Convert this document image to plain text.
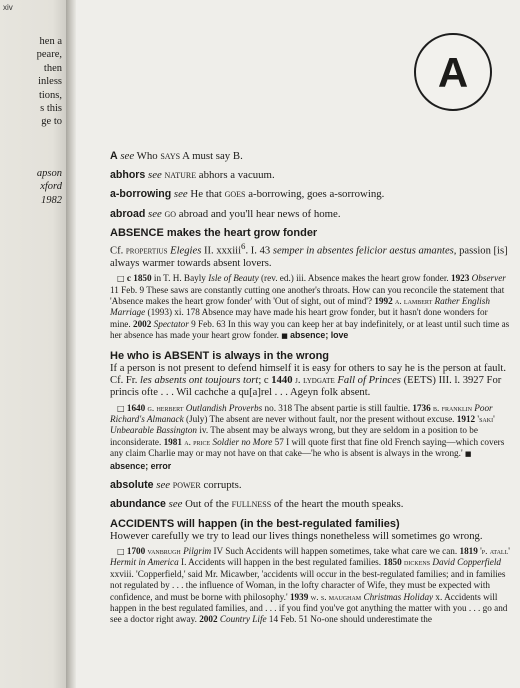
xiv
hen a
peare,
then
inless
tions,
s this
ge to
apson
xford
1982
A
A see Who says A must say B.
abhors see nature abhors a vacuum.
a-borrowing see He that goes a-borrowing, goes a-sorrowing.
abroad see go abroad and you'll hear news of home.
ABSENCE makes the heart grow fonder
Cf. propertius Elegies II. xxxiii$^6$. I. 43 semper in absentes felicior aestus amantes, passion [is] always warmer towards absent lovers.
□ c 1850 in T. H. Bayly Isle of Beauty (rev. ed.) iii. Absence makes the heart grow fonder. 1923 Observer 11 Feb. 9 These saws are constantly cutting one another's throats. How can you reconcile the statement that 'Absence makes the heart grow fonder' with 'Out of sight, out of mind'? 1992 a. lambert Rather English Marriage (1993) xi. 178 Absence may have made his heart grow fonder, but it hasn't done wonders for mine. 2002 Spectator 9 Feb. 63 In this way you can keep her at bay indefinitely, or at least until such time as her absence has made your heart grow fonder. ■ absence; love
He who is ABSENT is always in the wrong
If a person is not present to defend himself it is easy for others to say he is the person at fault. Cf. Fr. les absents ont toujours tort; c 1440 j. lydgate Fall of Princes (EETS) III. l. 3927 For princis ofte . . . Wil cachche a qu[a]rel . . . Ageyn folk absent.
□ 1640 g. herbert Outlandish Proverbs no. 318 The absent partie is still faultie. 1736 b. franklin Poor Richard's Almanack (July) The absent are never without fault, nor the present without excuse. 1912 'saki' Unbearable Bassington iv. The absent may be always wrong, but they are seldom in a position to be inconsiderate. 1981 a. price Soldier no More 57 I will quote first that fine old French saying—which covers any claim Charlie may or may not have on that cake—'he who is absent is always in the wrong.' ■ absence; error
absolute see power corrupts.
abundance see Out of the fullness of the heart the mouth speaks.
ACCIDENTS will happen (in the best-regulated families)
However carefully we try to lead our lives things nonetheless will sometimes go wrong.
□ 1700 vanbrugh Pilgrim IV Such Accidents will happen sometimes, take what care we can. 1819 'p. atall' Hermit in America I. Accidents will happen in the best regulated families. 1850 dickens David Copperfield xxviii. 'Copperfield,' said Mr. Micawber, 'accidents will occur in the best-regulated families; and in families not regulated by . . . the influence of Woman, in the lofty character of Wife, they must be expected with confidence, and must be borne with philosophy.' 1939 w. s. maugham Christmas Holiday x. Accidents will happen in the best regulated families, and . . . if you find you've got anything the matter with you . . . go and see a doctor right away. 2002 Country Life 14 Feb. 51 No-one should underestimate the
